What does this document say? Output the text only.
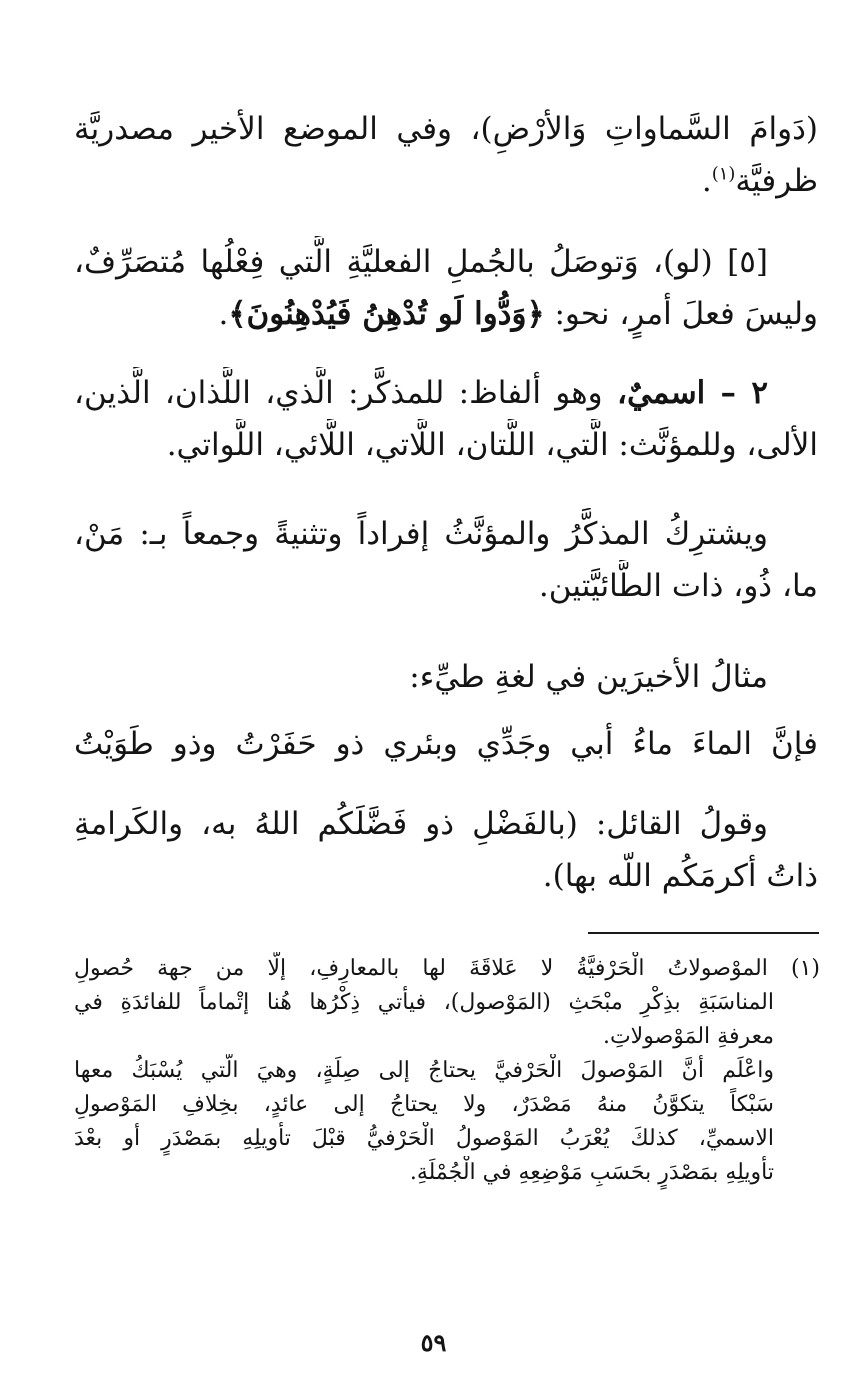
(دَوامَ السَّماواتِ وَالأرْضِ)، وفي الموضع الأخير مصدريَّة
ظرفيَّة$^{(١)}$.
[٥] (لو)، وَتوصَلُ بالجُملِ الفعليَّةِ الَّتي فِعْلُها مُتصَرِّفٌ،
وليسَ فعلَ أمرٍ، نحو: ﴿وَدُّوا لَو تُدْهِنُ فَيُدْهِنُونَ﴾.
٢ – اسميٌ، وهو ألفاظ: للمذكَّر: الَّذي، اللَّذان، الَّذين،
الألى، وللمؤنَّث: الَّتي، اللَّتان، اللَّاتي، اللَّائي، اللَّواتي.
ويشترِكُ المذكَّرُ والمؤنَّثُ إفراداً وتثنيةً وجمعاً بـ: مَنْ،
ما، ذُو، ذات الطَّائيَّتين.
مثالُ الأخيرَين في لغةِ طيِّء:
فإنَّ الماءَ ماءُ أبي وجَدِّي وبئري ذو حَفَرْتُ وذو طَوَيْتُ
وقولُ القائل: (بالفَضْلِ ذو فَضَّلَكُم اللهُ به، والكَرامةِ
ذاتُ أكرمَكُم اللّه بها).
(١) الموْصولاتُ الْحَرْفيَّةُ لا عَلاقَةَ لها بالمعارِفِ، إلَّا من جهة حُصولِ
المناسَبَةِ بذِكْرِ مبْحَثِ (المَوْصول)، فيأتي ذِكْرُها هُنا إتْماماً للفائدَةِ في
معرفةِ المَوْصولاتِ.
واعْلَم أنَّ المَوْصولَ الْحَرْفيَّ يحتاجُ إلى صِلَةٍ، وهيَ الَّتي يُسْبَكُ معها
سَبْكاً يتكوَّنُ منهُ مَصْدَرٌ، ولا يحتاجُ إلى عائدٍ، بخِلافِ المَوْصولِ
الاسميِّ، كذلكَ يُعْرَبُ المَوْصولُ الْحَرْفيُّ قبْلَ تأويلِهِ بمَصْدَرٍ أو بعْدَ
تأويلِهِ بمَصْدَرٍ بحَسَبِ مَوْضِعِهِ في الْجُمْلَةِ.
٥٩
